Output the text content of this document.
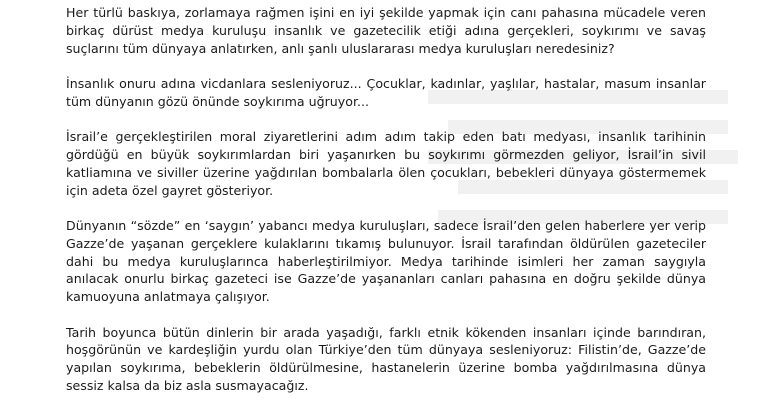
Her türlü baskıya, zorlamaya rağmen işini en iyi şekilde yapmak için canı pahasına mücadele veren birkaç dürüst medya kuruluşu insanlık ve gazetecilik etiği adına gerçekleri, soykırımı ve savaş suçlarını tüm dünyaya anlatırken, anlı şanlı uluslararası medya kuruluşları neredesiniz?

İnsanlık onuru adına vicdanlara sesleniyoruz... Çocuklar, kadınlar, yaşlılar, hastalar, masum insanlar tüm dünyanın gözü önünde soykırıma uğruyor...

İsrail’e gerçekleştirilen moral ziyaretlerini adım adım takip eden batı medyası, insanlık tarihinin gördüğü en büyük soykırımlardan biri yaşanırken bu soykırımı görmezden geliyor, İsrail’in sivil katliamına ve siviller üzerine yağdırılan bombalarla ölen çocukları, bebekleri dünyaya göstermemek için adeta özel gayret gösteriyor.

Dünyanın “sözde” en ‘saygın’ yabancı medya kuruluşları, sadece İsrail’den gelen haberlere yer verip Gazze’de yaşanan gerçeklere kulaklarını tıkamış bulunuyor. İsrail tarafından öldürülen gazeteciler dahi bu medya kuruluşlarınca haberleştirilmiyor. Medya tarihinde isimleri her zaman saygıyla anılacak onurlu birkaç gazeteci ise Gazze’de yaşananları canları pahasına en doğru şekilde dünya kamuoyuna anlatmaya çalışıyor.

Tarih boyunca bütün dinlerin bir arada yaşadığı, farklı etnik kökenden insanları içinde barındıran, hoşgörünün ve kardeşliğin yurdu olan Türkiye’den tüm dünyaya sesleniyoruz: Filistin’de, Gazze’de yapılan soykırıma, bebeklerin öldürülmesine, hastanelerin üzerine bomba yağdırılmasına dünya sessiz kalsa da biz asla susmayacağız.
